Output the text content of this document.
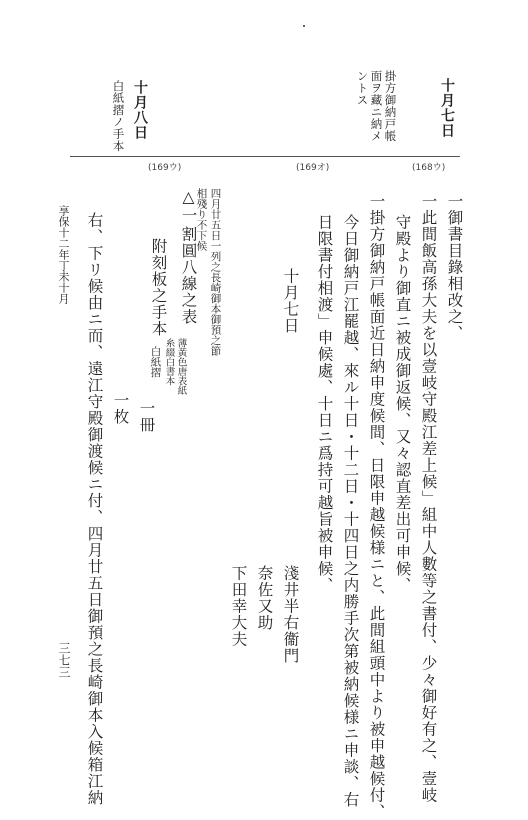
十月七日
掛方御納戸帳
面ヲ藏ニ納メ
ントス
十月八日
白紙摺ノ手本
(168ウ)
(169オ)
(169ウ)
一御書目錄相改之、
一此間飯高孫大夫を以壹岐守殿江差上候」組中人數等之書付、少々御好有之、壹岐
守殿より御直ニ被成御返候、又々認直差出可申候、
一掛方御納戸帳面近日納申度候間、日限申越候様ニと、此間組頭中より被申越候付、
今日御納戸江罷越、來ル十日・十二日・十四日之内勝手次第被納候様ニ申談、右
日限書付相渡」申候處、十日ニ爲持可越旨被申候、
十月七日
淺井半右衞門
奈佐又助
下田幸大夫
四月廿五日一列之長崎御本御預之節
相殘り不下候
一冊
△一
割圓八線之表
薄黃色唐表紙
糸綴白書本
附刻板之手本
白紙摺
一枚
右、下リ候由ニ而、遠江守殿御渡候ニ付、四月廿五日御預之長崎御本入候箱江納
享保十二年丁未十月
三七三
